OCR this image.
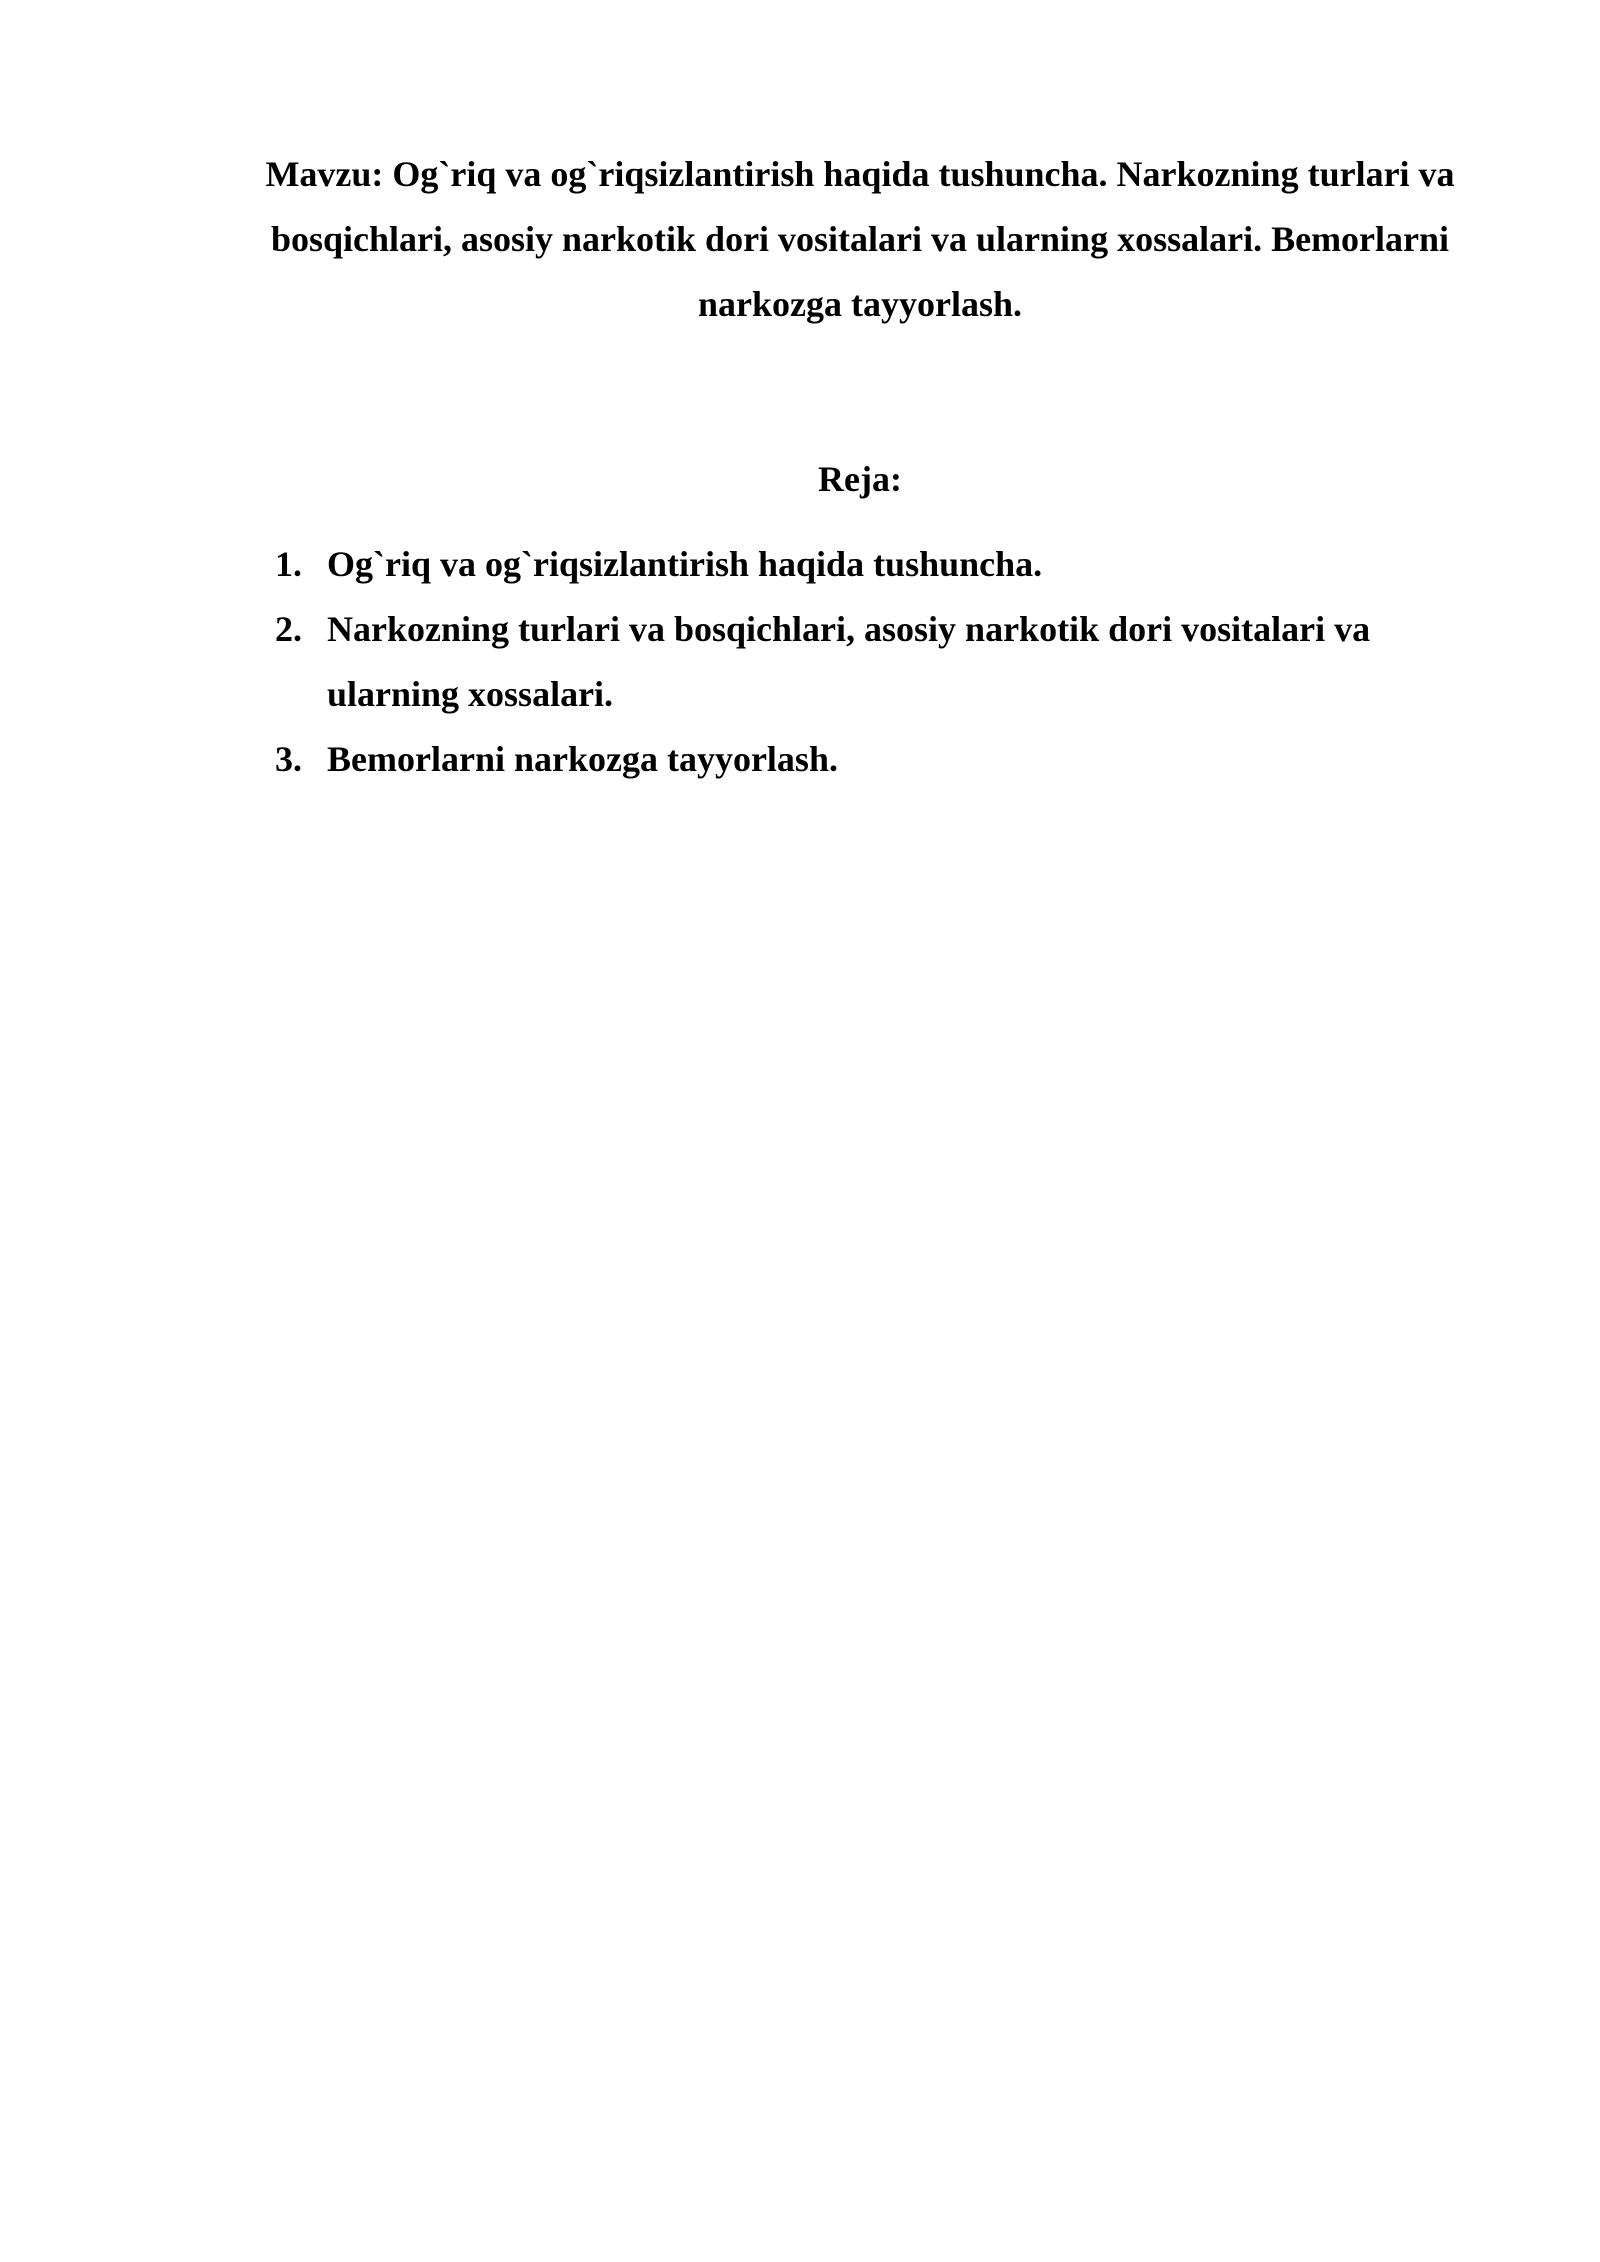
Mavzu: Og`riq va og`riqsizlantirish haqida tushuncha. Narkozning turlari va bosqichlari, asosiy narkotik dori vositalari va ularning xossalari. Bemorlarni narkozga tayyorlash.

Reja:

1. Og`riq va og`riqsizlantirish haqida tushuncha.
2. Narkozning turlari va bosqichlari, asosiy narkotik dori vositalari va ularning xossalari.
3. Bemorlarni narkozga tayyorlash.
